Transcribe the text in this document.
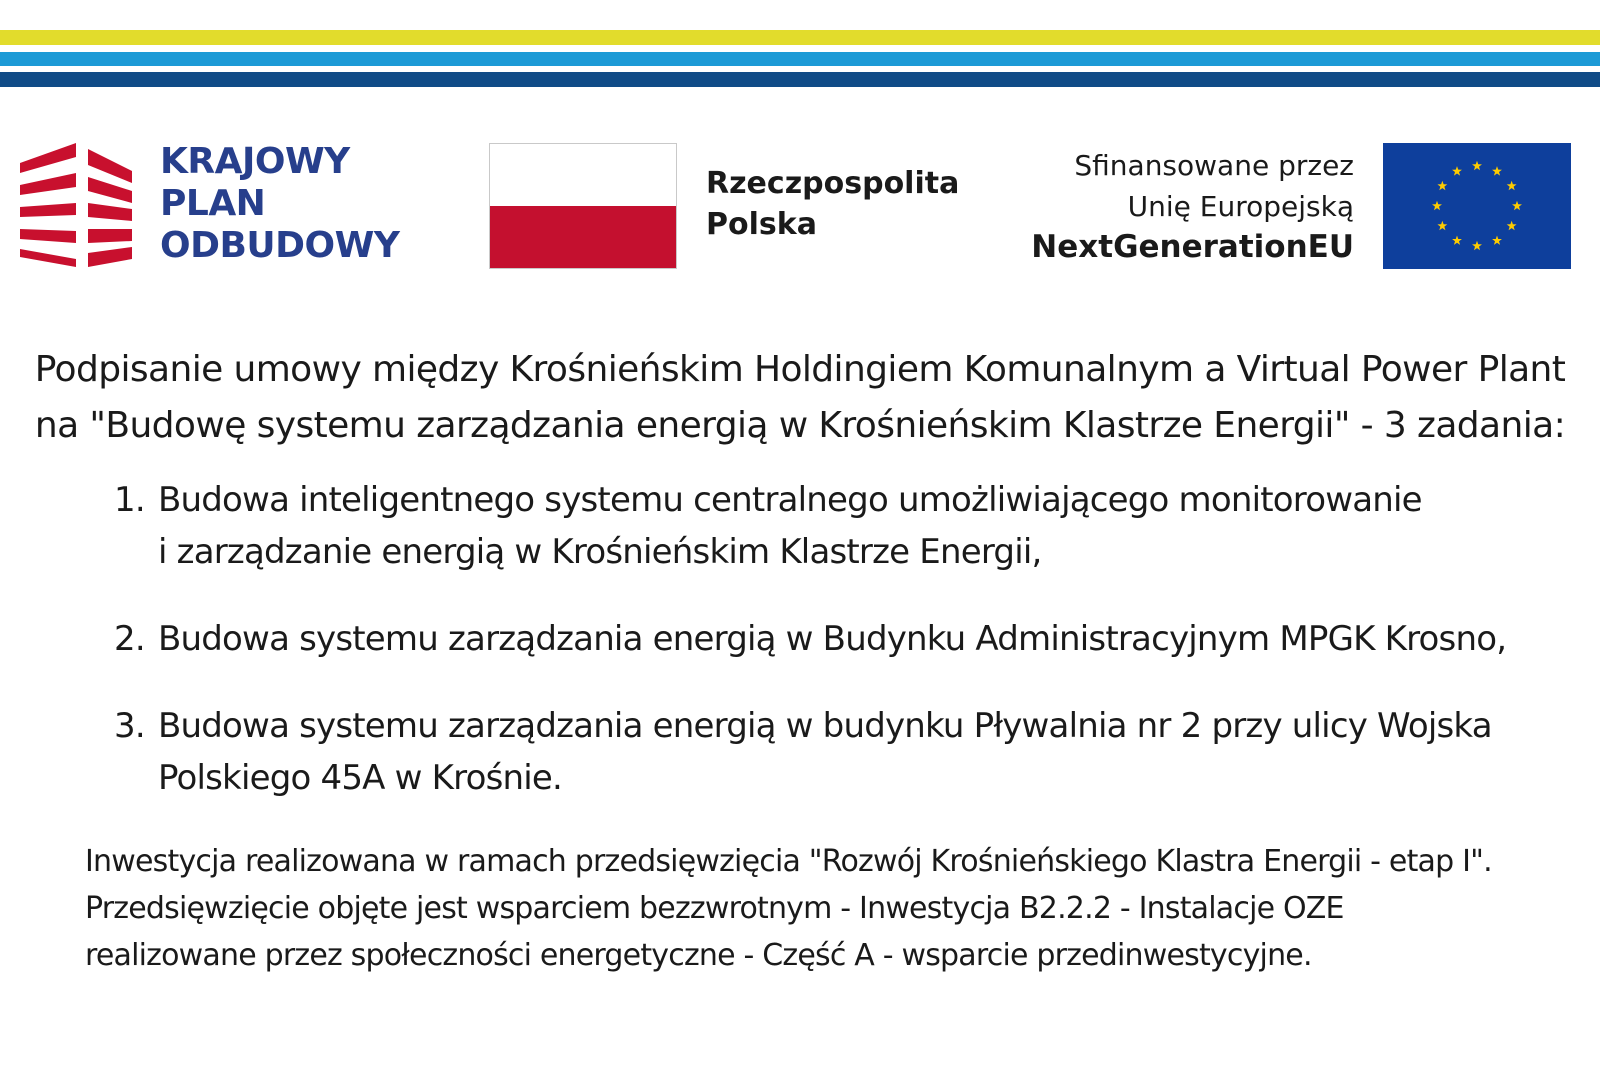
KRAJOWY
PLAN
ODBUDOWY
Rzeczpospolita
Polska
Sfinansowane przez
Unię Europejską
NextGenerationEU
Podpisanie umowy między Krośnieńskim Holdingiem Komunalnym a Virtual Power Plant
na "Budowę systemu zarządzania energią w Krośnieńskim Klastrze Energii" - 3 zadania:
1. Budowa inteligentnego systemu centralnego umożliwiającego monitorowanie
i zarządzanie energią w Krośnieńskim Klastrze Energii,
2. Budowa systemu zarządzania energią w Budynku Administracyjnym MPGK Krosno,
3. Budowa systemu zarządzania energią w budynku Pływalnia nr 2 przy ulicy Wojska
Polskiego 45A w Krośnie.
Inwestycja realizowana w ramach przedsięwzięcia "Rozwój Krośnieńskiego Klastra Energii - etap I".
Przedsięwzięcie objęte jest wsparciem bezzwrotnym - Inwestycja B2.2.2 - Instalacje OZE
realizowane przez społeczności energetyczne - Część A - wsparcie przedinwestycyjne.
